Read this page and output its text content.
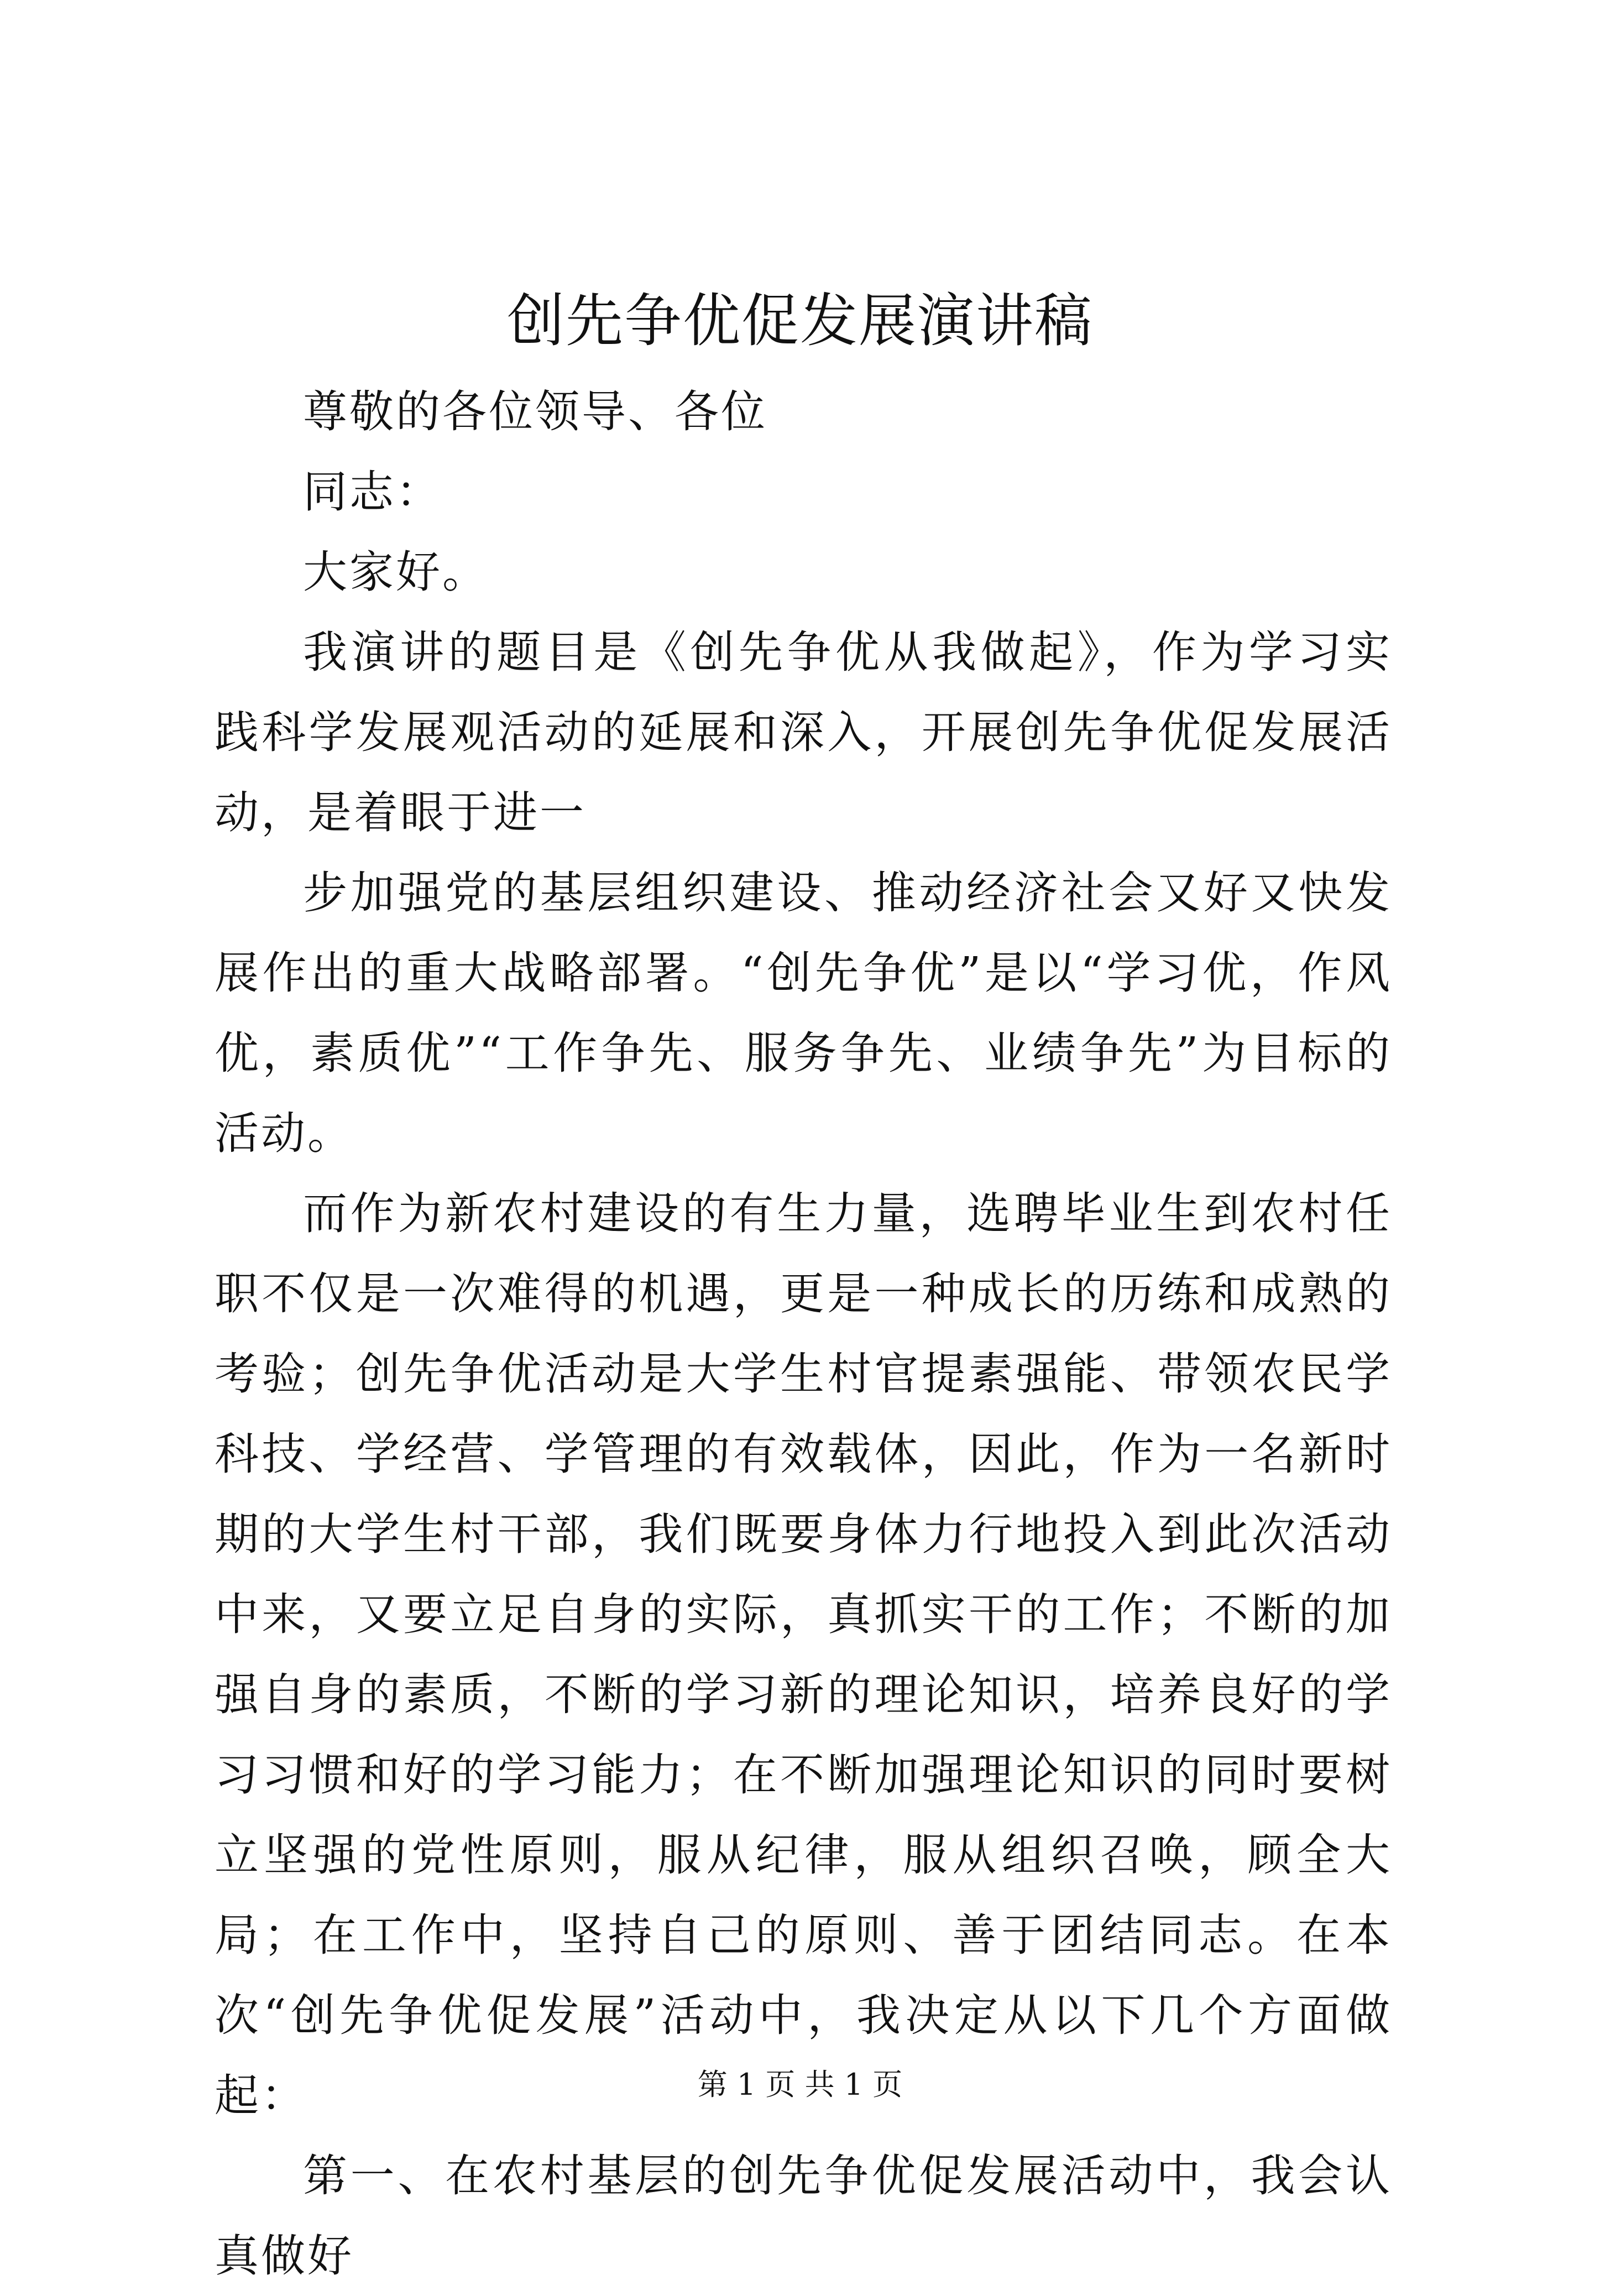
创先争优促发展演讲稿

尊敬的各位领导、各位

同志：

大家好。

我演讲的题目是《创先争优从我做起》，作为学习实践科学发展观活动的延展和深入，开展创先争优促发展活动，是着眼于进一

步加强党的基层组织建设、推动经济社会又好又快发展作出的重大战略部署。“创先争优”是以“学习优，作风优，素质优”“工作争先、服务争先、业绩争先”为目标的活动。

而作为新农村建设的有生力量，选聘毕业生到农村任职不仅是一次难得的机遇，更是一种成长的历练和成熟的考验；创先争优活动是大学生村官提素强能、带领农民学科技、学经营、学管理的有效载体，因此，作为一名新时期的大学生村干部，我们既要身体力行地投入到此次活动中来，又要立足自身的实际，真抓实干的工作；不断的加强自身的素质，不断的学习新的理论知识，培养良好的学习习惯和好的学习能力；在不断加强理论知识的同时要树立坚强的党性原则，服从纪律，服从组织召唤，顾全大局；在工作中，坚持自己的原则、善于团结同志。在本次“创先争优促发展”活动中，我决定从以下几个方面做起：

第一、在农村基层的创先争优促发展活动中，我会认真做好

第 1 页 共 1 页
